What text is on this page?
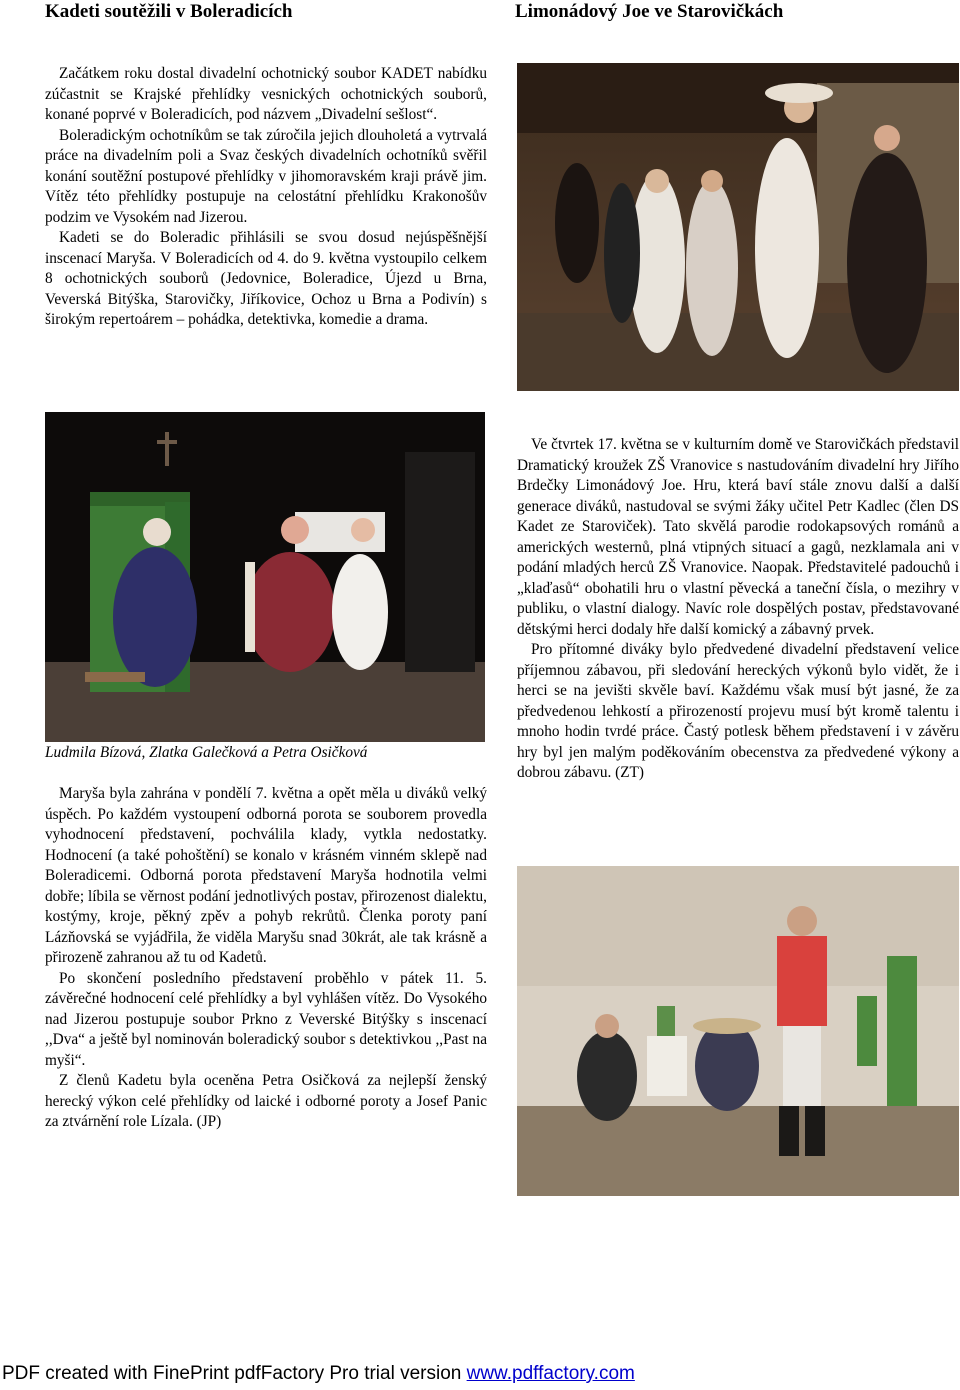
Kadeti soutěžili v Boleradicích	Limonádový Joe ve Starovičkách

Začátkem roku dostal divadelní ochotnický soubor KADET nabídku zúčastnit se Krajské přehlídky vesnických ochotnických souborů, konané poprvé v Boleradicích, pod názvem „Divadelní sešlost“.

Boleradickým ochotníkům se tak zúročila jejich dlouholetá a vytrvalá práce na divadelním poli a Svaz českých divadelních ochotníků svěřil konání soutěžní postupové přehlídky v jihomoravském kraji právě jim. Vítěz této přehlídky postupuje na celostátní přehlídku Krakonošův podzim ve Vysokém nad Jizerou.

Kadeti se do Boleradic přihlásili se svou dosud nejúspěšnější inscenací Maryša. V Boleradicích od 4. do 9. května vystoupilo celkem 8 ochotnických souborů (Jedovnice, Boleradice, Újezd u Brna, Veverská Bitýška, Starovičky, Jiříkovice, Ochoz u Brna a Podivín) s širokým repertoárem – pohádka, detektivka, komedie a drama.

Ludmila Bízová, Zlatka Galečková a Petra Osičková

Maryša byla zahrána v pondělí 7. května a opět měla u diváků velký úspěch. Po každém vystoupení odborná porota se souborem provedla vyhodnocení představení, pochválila klady, vytkla nedostatky. Hodnocení (a také pohoštění) se konalo v krásném vinném sklepě nad Boleradicemi. Odborná porota představení Maryša hodnotila velmi dobře; líbila se věrnost podání jednotlivých postav, přirozenost dialektu, kostýmy, kroje, pěkný zpěv a pohyb rekrůtů. Členka poroty paní Lázňovská se vyjádřila, že viděla Maryšu snad 30krát, ale tak krásně a přirozeně zahranou až tu od Kadetů.

Po skončení posledního představení proběhlo v pátek 11. 5. závěrečné hodnocení celé přehlídky a byl vyhlášen vítěz. Do Vysokého nad Jizerou postupuje soubor Prkno z Veverské Bitýšky s inscenací ,,Dva“ a ještě byl nominován boleradický soubor s detektivkou ,,Past na myši“.

Z členů Kadetu byla oceněna Petra Osičková za nejlepší ženský herecký výkon celé přehlídky od laické i odborné poroty a Josef Panic za ztvárnění role Lízala. (JP)

Ve čtvrtek 17. května se v kulturním domě ve Starovičkách představil Dramatický kroužek ZŠ Vranovice s nastudováním divadelní hry Jiřího Brdečky Limonádový Joe. Hru, která baví stále znovu další a další generace diváků, nastudoval se svými žáky učitel Petr Kadlec (člen DS Kadet ze Staroviček). Tato skvělá parodie rodokapsových románů a amerických westernů, plná vtipných situací a gagů, nezklamala ani v podání mladých herců ZŠ Vranovice. Naopak. Představitelé padouchů i „klaďasů“ obohatili hru o vlastní pěvecká a taneční čísla, o mezihry v publiku, o vlastní dialogy. Navíc role dospělých postav, představované dětskými herci dodaly hře další komický a zábavný prvek.

Pro přítomné diváky bylo předvedené divadelní představení velice příjemnou zábavou, při sledování hereckých výkonů bylo vidět, že i herci se na jevišti skvěle baví. Každému však musí být jasné, že za předvedenou lehkostí a přirozeností projevu musí být kromě talentu i mnoho hodin tvrdé práce. Častý potlesk během představení i v závěru hry byl jen malým poděkováním obecenstva za předvedené výkony a dobrou zábavu. (ZT)

PDF created with FinePrint pdfFactory Pro trial version www.pdffactory.com
